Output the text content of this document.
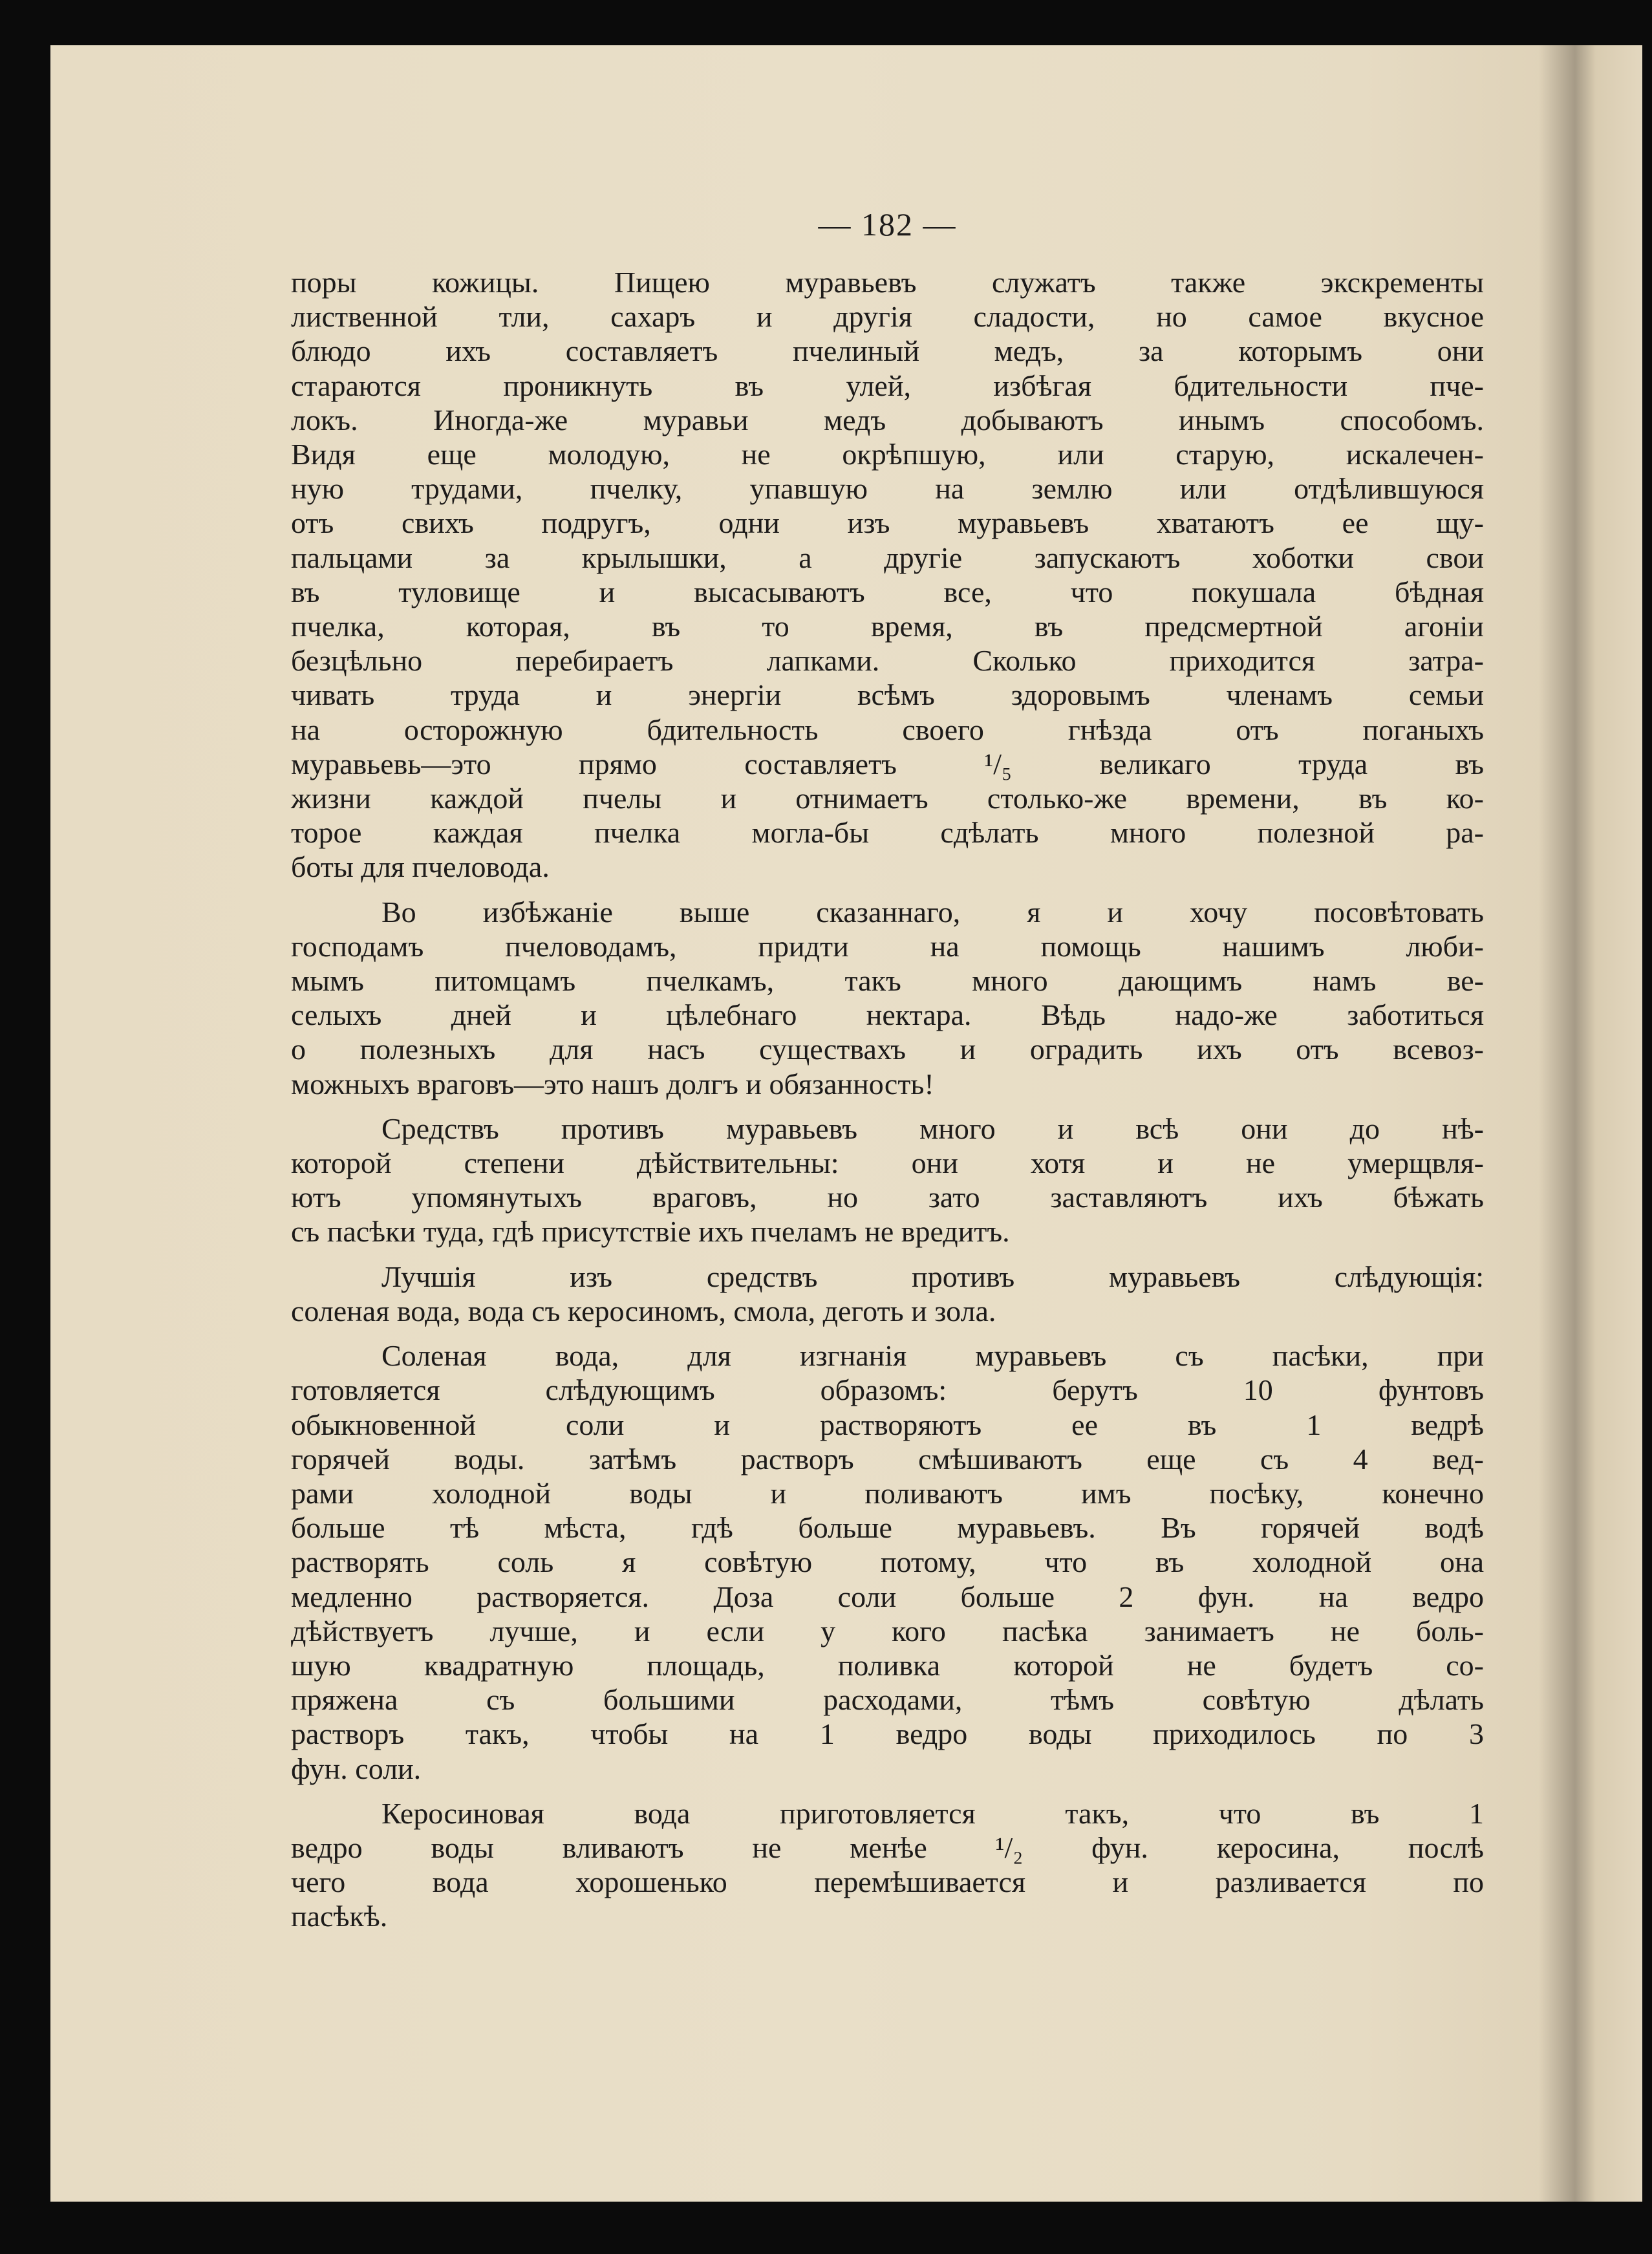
— 182 —
поры кожицы. Пищею муравьевъ служатъ также экскременты
лиственной тли, сахаръ и другія сладости, но самое вкусное
блюдо ихъ составляетъ пчелиный медъ, за которымъ они
стараются проникнуть въ улей, избѣгая бдительности пче-
локъ. Иногда-же муравьи медъ добываютъ инымъ способомъ.
Видя еще молодую, не окрѣпшую, или старую, искалечен-
ную трудами, пчелку, упавшую на землю или отдѣлившуюся
отъ свихъ подругъ, одни изъ муравьевъ хватаютъ ее щу-
пальцами за крылышки, а другіе запускаютъ хоботки свои
въ туловище и высасываютъ все, что покушала бѣдная
пчелка, которая, въ то время, въ предсмертной агоніи
безцѣльно перебираетъ лапками. Сколько приходится затра-
чивать труда и энергіи всѣмъ здоровымъ членамъ семьи
на осторожную бдительность своего гнѣзда отъ поганыхъ
муравьевь—это прямо составляетъ ¹/₅ великаго труда въ
жизни каждой пчелы и отнимаетъ столько-же времени, въ ко-
торое каждая пчелка могла-бы сдѣлать много полезной ра-
боты для пчеловода.
Во избѣжаніе выше сказаннаго, я и хочу посовѣтовать
господамъ пчеловодамъ, придти на помощь нашимъ люби-
мымъ питомцамъ пчелкамъ, такъ много дающимъ намъ ве-
селыхъ дней и цѣлебнаго нектара. Вѣдь надо-же заботиться
о полезныхъ для насъ существахъ и оградить ихъ отъ всевоз-
можныхъ враговъ—это нашъ долгъ и обязанность!
Средствъ противъ муравьевъ много и всѣ они до нѣ-
которой степени дѣйствительны: они хотя и не умерщвля-
ютъ упомянутыхъ враговъ, но зато заставляютъ ихъ бѣжать
съ пасѣки туда, гдѣ присутствіе ихъ пчеламъ не вредитъ.
Лучшія изъ средствъ противъ муравьевъ слѣдующія:
соленая вода, вода съ керосиномъ, смола, деготь и зола.
Соленая вода, для изгнанія муравьевъ съ пасѣки, при
готовляется слѣдующимъ образомъ: берутъ 10 фунтовъ
обыкновенной соли и растворяютъ ее въ 1 ведрѣ
горячей воды. затѣмъ растворъ смѣшиваютъ еще съ 4 вед-
рами холодной воды и поливаютъ имъ посѣку, конечно
больше тѣ мѣста, гдѣ больше муравьевъ. Въ горячей водѣ
растворять соль я совѣтую потому, что въ холодной она
медленно растворяется. Доза соли больше 2 фун. на ведро
дѣйствуетъ лучше, и если у кого пасѣка занимаетъ не боль-
шую квадратную площадь, поливка которой не будетъ со-
пряжена съ большими расходами, тѣмъ совѣтую дѣлать
растворъ такъ, чтобы на 1 ведро воды приходилось по 3
фун. соли.
Керосиновая вода приготовляется такъ, что въ 1
ведро воды вливаютъ не менѣе ¹/₂ фун. керосина, послѣ
чего вода хорошенько перемѣшивается и разливается по
пасѣкѣ.
